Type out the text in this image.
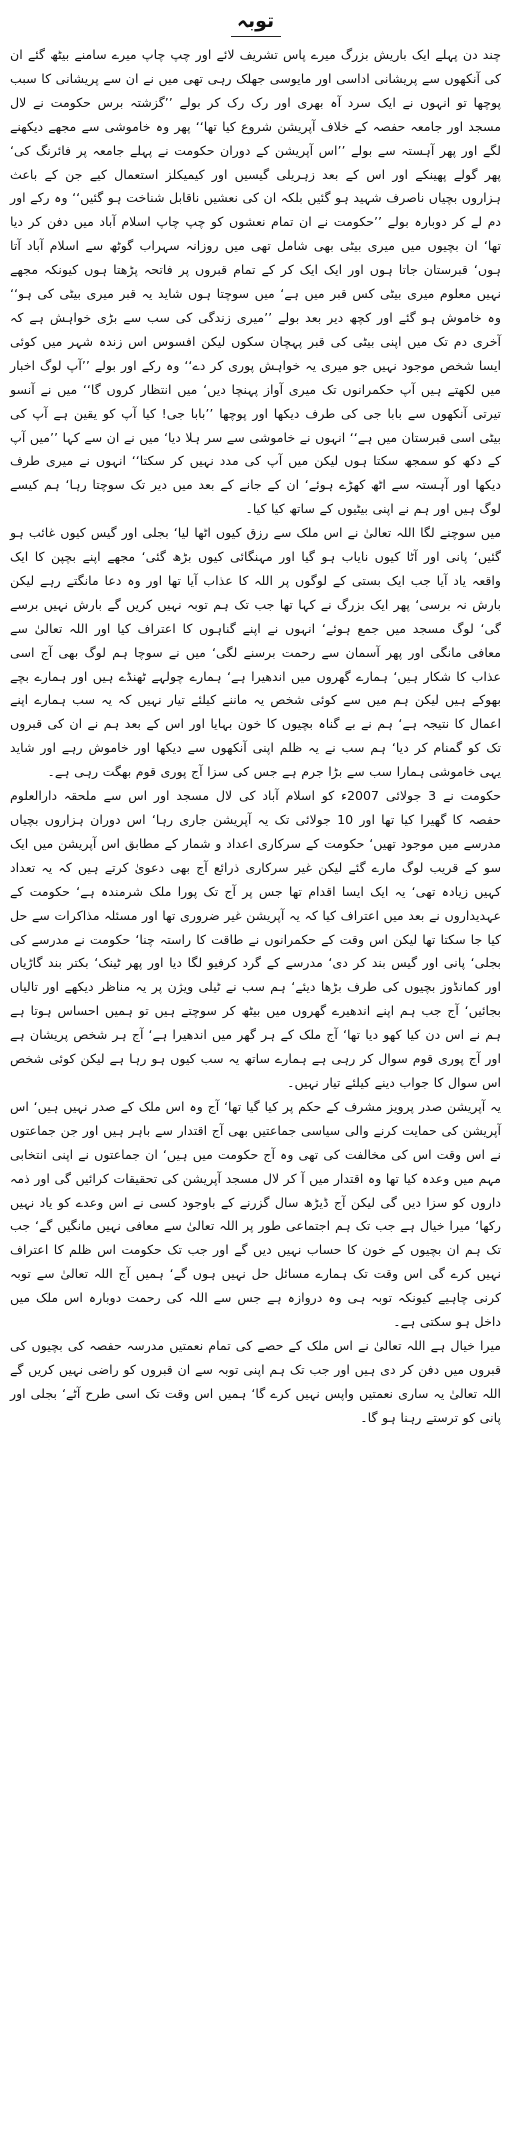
توبہ

چند دن پہلے ایک باریش بزرگ میرے پاس تشریف لائے اور چپ چاپ میرے سامنے بیٹھ گئے ان کی آنکھوں سے پریشانی اداسی اور مایوسی جھلک رہی تھی میں نے ان سے پریشانی کا سبب پوچھا تو انہوں نے ایک سرد آہ بھری اور رک رک کر بولے ’’گزشتہ برس حکومت نے لال مسجد اور جامعہ حفصہ کے خلاف آپریشن شروع کیا تھا‘‘ پھر وہ خاموشی سے مجھے دیکھنے لگے اور پھر آہستہ سے بولے ’’اس آپریشن کے دوران حکومت نے پہلے جامعہ پر فائرنگ کی‘ پھر گولے پھینکے اور اس کے بعد زہریلی گیسیں اور کیمیکلز استعمال کیے جن کے باعث ہزاروں بچیاں ناصرف شہید ہو گئیں بلکہ ان کی نعشیں ناقابل شناخت ہو گئیں‘‘ وہ رکے اور دم لے کر دوبارہ بولے ’’حکومت نے ان تمام نعشوں کو چپ چاپ اسلام آباد میں دفن کر دیا تھا‘ ان بچیوں میں میری بیٹی بھی شامل تھی میں روزانہ سہراب گوٹھ سے اسلام آباد آتا ہوں‘ قبرستان جاتا ہوں اور ایک ایک کر کے تمام قبروں پر فاتحہ پڑھتا ہوں کیونکہ مجھے نہیں معلوم میری بیٹی کس قبر میں ہے‘ میں سوچتا ہوں شاید یہ قبر میری بیٹی کی ہو‘‘ وہ خاموش ہو گئے اور کچھ دیر بعد بولے ’’میری زندگی کی سب سے بڑی خواہش ہے کہ آخری دم تک میں اپنی بیٹی کی قبر پہچان سکوں لیکن افسوس اس زندہ شہر میں کوئی ایسا شخص موجود نہیں جو میری یہ خواہش پوری کر دے‘‘ وہ رکے اور بولے ’’آپ لوگ اخبار میں لکھتے ہیں آپ حکمرانوں تک میری آواز پہنچا دیں‘ میں انتظار کروں گا‘‘ میں نے آنسو تیرتی آنکھوں سے بابا جی کی طرف دیکھا اور پوچھا ’’بابا جی! کیا آپ کو یقین ہے آپ کی بیٹی اسی قبرستان میں ہے‘‘ انہوں نے خاموشی سے سر ہلا دیا‘ میں نے ان سے کہا ’’میں آپ کے دکھ کو سمجھ سکتا ہوں لیکن میں آپ کی مدد نہیں کر سکتا‘‘ انہوں نے میری طرف دیکھا اور آہستہ سے اٹھ کھڑے ہوئے‘ ان کے جانے کے بعد میں دیر تک سوچتا رہا‘ ہم کیسے لوگ ہیں اور ہم نے اپنی بیٹیوں کے ساتھ کیا کیا۔

میں سوچنے لگا اللہ تعالیٰ نے اس ملک سے رزق کیوں اٹھا لیا‘ بجلی اور گیس کیوں غائب ہو گئیں‘ پانی اور آٹا کیوں نایاب ہو گیا اور مہنگائی کیوں بڑھ گئی‘ مجھے اپنے بچپن کا ایک واقعہ یاد آیا جب ایک بستی کے لوگوں پر اللہ کا عذاب آیا تھا اور وہ دعا مانگتے رہے لیکن بارش نہ برسی‘ پھر ایک بزرگ نے کہا تھا جب تک ہم توبہ نہیں کریں گے بارش نہیں برسے گی‘ لوگ مسجد میں جمع ہوئے‘ انہوں نے اپنے گناہوں کا اعتراف کیا اور اللہ تعالیٰ سے معافی مانگی اور پھر آسمان سے رحمت برسنے لگی‘ میں نے سوچا ہم لوگ بھی آج اسی عذاب کا شکار ہیں‘ ہمارے گھروں میں اندھیرا ہے‘ ہمارے چولہے ٹھنڈے ہیں اور ہمارے بچے بھوکے ہیں لیکن ہم میں سے کوئی شخص یہ ماننے کیلئے تیار نہیں کہ یہ سب ہمارے اپنے اعمال کا نتیجہ ہے‘ ہم نے بے گناہ بچیوں کا خون بہایا اور اس کے بعد ہم نے ان کی قبروں تک کو گمنام کر دیا‘ ہم سب نے یہ ظلم اپنی آنکھوں سے دیکھا اور خاموش رہے اور شاید یہی خاموشی ہمارا سب سے بڑا جرم ہے جس کی سزا آج پوری قوم بھگت رہی ہے۔

حکومت نے 3 جولائی 2007ء کو اسلام آباد کی لال مسجد اور اس سے ملحقہ دارالعلوم حفصہ کا گھیرا کیا تھا اور 10 جولائی تک یہ آپریشن جاری رہا‘ اس دوران ہزاروں بچیاں مدرسے میں موجود تھیں‘ حکومت کے سرکاری اعداد و شمار کے مطابق اس آپریشن میں ایک سو کے قریب لوگ مارے گئے لیکن غیر سرکاری ذرائع آج بھی دعویٰ کرتے ہیں کہ یہ تعداد کہیں زیادہ تھی‘ یہ ایک ایسا اقدام تھا جس پر آج تک پورا ملک شرمندہ ہے‘ حکومت کے عہدیداروں نے بعد میں اعتراف کیا کہ یہ آپریشن غیر ضروری تھا اور مسئلہ مذاکرات سے حل کیا جا سکتا تھا لیکن اس وقت کے حکمرانوں نے طاقت کا راستہ چنا‘ حکومت نے مدرسے کی بجلی‘ پانی اور گیس بند کر دی‘ مدرسے کے گرد کرفیو لگا دیا اور پھر ٹینک‘ بکتر بند گاڑیاں اور کمانڈوز بچیوں کی طرف بڑھا دیئے‘ ہم سب نے ٹیلی ویژن پر یہ مناظر دیکھے اور تالیاں بجائیں‘ آج جب ہم اپنے اندھیرے گھروں میں بیٹھ کر سوچتے ہیں تو ہمیں احساس ہوتا ہے ہم نے اس دن کیا کھو دیا تھا‘ آج ملک کے ہر گھر میں اندھیرا ہے‘ آج ہر شخص پریشان ہے اور آج پوری قوم سوال کر رہی ہے ہمارے ساتھ یہ سب کیوں ہو رہا ہے لیکن کوئی شخص اس سوال کا جواب دینے کیلئے تیار نہیں۔

یہ آپریشن صدر پرویز مشرف کے حکم پر کیا گیا تھا‘ آج وہ اس ملک کے صدر نہیں ہیں‘ اس آپریشن کی حمایت کرنے والی سیاسی جماعتیں بھی آج اقتدار سے باہر ہیں اور جن جماعتوں نے اس وقت اس کی مخالفت کی تھی وہ آج حکومت میں ہیں‘ ان جماعتوں نے اپنی انتخابی مہم میں وعدہ کیا تھا وہ اقتدار میں آ کر لال مسجد آپریشن کی تحقیقات کرائیں گی اور ذمہ داروں کو سزا دیں گی لیکن آج ڈیڑھ سال گزرنے کے باوجود کسی نے اس وعدے کو یاد نہیں رکھا‘ میرا خیال ہے جب تک ہم اجتماعی طور پر اللہ تعالیٰ سے معافی نہیں مانگیں گے‘ جب تک ہم ان بچیوں کے خون کا حساب نہیں دیں گے اور جب تک حکومت اس ظلم کا اعتراف نہیں کرے گی اس وقت تک ہمارے مسائل حل نہیں ہوں گے‘ ہمیں آج اللہ تعالیٰ سے توبہ کرنی چاہیے کیونکہ توبہ ہی وہ دروازہ ہے جس سے اللہ کی رحمت دوبارہ اس ملک میں داخل ہو سکتی ہے۔

میرا خیال ہے اللہ تعالیٰ نے اس ملک کے حصے کی تمام نعمتیں مدرسہ حفصہ کی بچیوں کی قبروں میں دفن کر دی ہیں اور جب تک ہم اپنی توبہ سے ان قبروں کو راضی نہیں کریں گے اللہ تعالیٰ یہ ساری نعمتیں واپس نہیں کرے گا‘ ہمیں اس وقت تک اسی طرح آٹے‘ بجلی اور پانی کو ترستے رہنا ہو گا۔
